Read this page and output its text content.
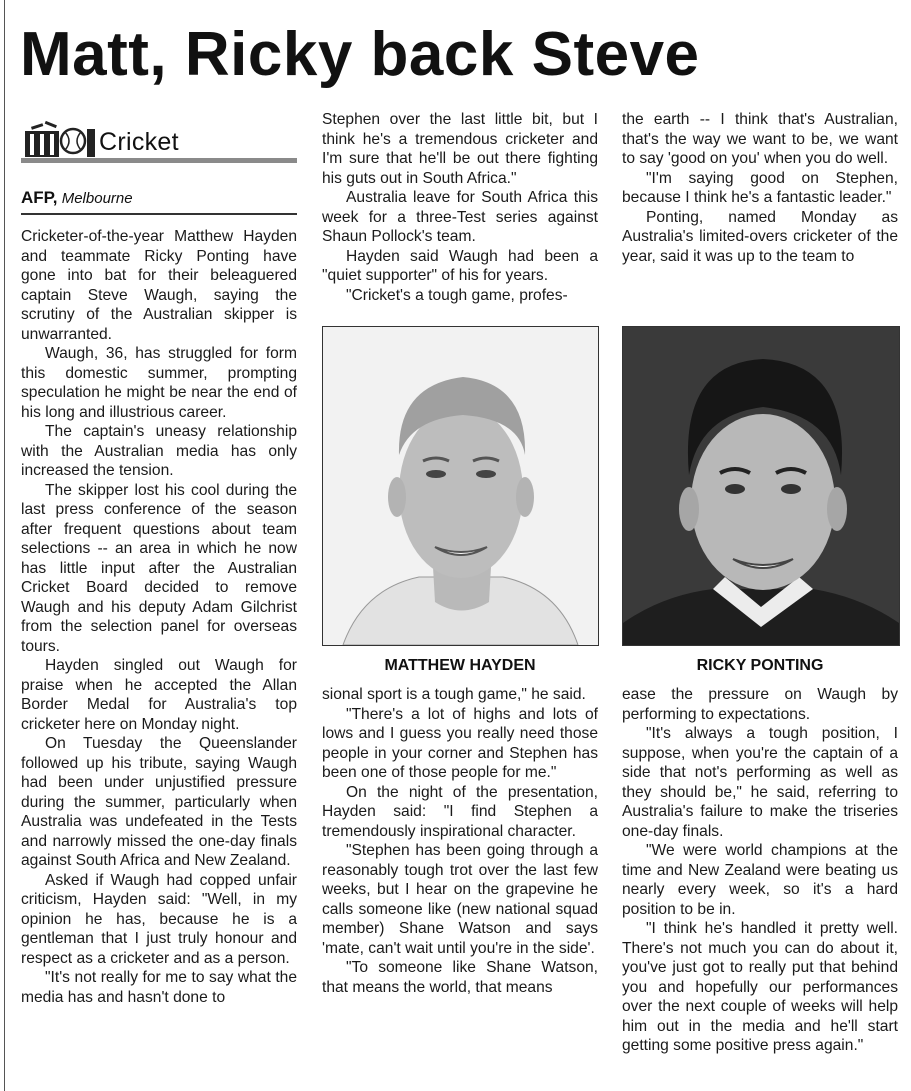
Matt, Ricky back Steve
Cricket
AFP, Melbourne

Cricketer-of-the-year Matthew Hayden and teammate Ricky Ponting have gone into bat for their beleaguered captain Steve Waugh, saying the scrutiny of the Australian skipper is unwarranted.

Waugh, 36, has struggled for form this domestic summer, prompting speculation he might be near the end of his long and illustrious career.

The captain's uneasy relationship with the Australian media has only increased the tension.

The skipper lost his cool during the last press conference of the season after frequent questions about team selections -- an area in which he now has little input after the Australian Cricket Board decided to remove Waugh and his deputy Adam Gilchrist from the selection panel for overseas tours.

Hayden singled out Waugh for praise when he accepted the Allan Border Medal for Australia's top cricketer here on Monday night.

On Tuesday the Queenslander followed up his tribute, saying Waugh had been under unjustified pressure during the summer, particularly when Australia was undefeated in the Tests and narrowly missed the one-day finals against South Africa and New Zealand.

Asked if Waugh had copped unfair criticism, Hayden said: "Well, in my opinion he has, because he is a gentleman that I just truly honour and respect as a cricketer and as a person.

"It's not really for me to say what the media has and hasn't done to

Stephen over the last little bit, but I think he's a tremendous cricketer and I'm sure that he'll be out there fighting his guts out in South Africa."

Australia leave for South Africa this week for a three-Test series against Shaun Pollock's team.

Hayden said Waugh had been a "quiet supporter" of his for years.

"Cricket's a tough game, profes-

the earth -- I think that's Australian, that's the way we want to be, we want to say 'good on you' when you do well.

"I'm saying good on Stephen, because I think he's a fantastic leader."

Ponting, named Monday as Australia's limited-overs cricketer of the year, said it was up to the team to

MATTHEW HAYDEN	RICKY PONTING

sional sport is a tough game," he said.

"There's a lot of highs and lots of lows and I guess you really need those people in your corner and Stephen has been one of those people for me."

On the night of the presentation, Hayden said: "I find Stephen a tremendously inspirational character.

"Stephen has been going through a reasonably tough trot over the last few weeks, but I hear on the grapevine he calls someone like (new national squad member) Shane Watson and says 'mate, can't wait until you're in the side'.

"To someone like Shane Watson, that means the world, that means

ease the pressure on Waugh by performing to expectations.

"It's always a tough position, I suppose, when you're the captain of a side that not's performing as well as they should be," he said, referring to Australia's failure to make the triseries one-day finals.

"We were world champions at the time and New Zealand were beating us nearly every week, so it's a hard position to be in.

"I think he's handled it pretty well. There's not much you can do about it, you've just got to really put that behind you and hopefully our performances over the next couple of weeks will help him out in the media and he'll start getting some positive press again."
